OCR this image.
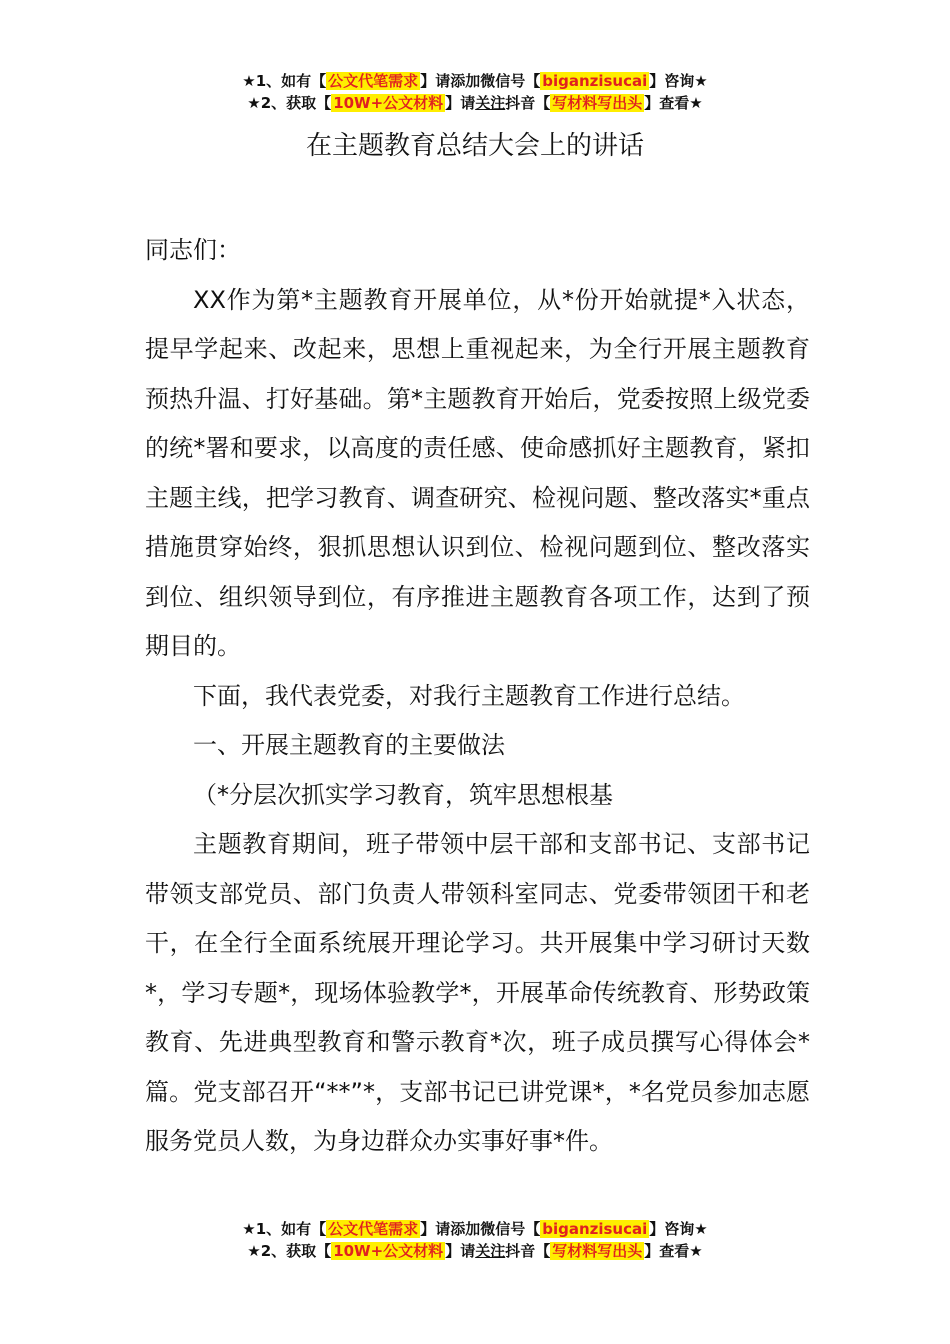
★1、如有【 公文代笔需求 】请添加微信号【 biganzisucai 】咨询★
★2、获取【 10W+公文材料 】请关注抖音【 写材料写出头 】查看★
在主题教育总结大会上的讲话

同志们：

XX作为第*主题教育开展单位，从*份开始就提*入状态，提早学起来、改起来，思想上重视起来，为全行开展主题教育预热升温、打好基础。第*主题教育开始后，党委按照上级党委的统*署和要求，以高度的责任感、使命感抓好主题教育，紧扣主题主线，把学习教育、调查研究、检视问题、整改落实*重点措施贯穿始终，狠抓思想认识到位、检视问题到位、整改落实到位、组织领导到位，有序推进主题教育各项工作，达到了预期目的。

下面，我代表党委，对我行主题教育工作进行总结。

一、开展主题教育的主要做法

（*分层次抓实学习教育，筑牢思想根基

主题教育期间，班子带领中层干部和支部书记、支部书记带领支部党员、部门负责人带领科室同志、党委带领团干和老干，在全行全面系统展开理论学习。共开展集中学习研讨天数*，学习专题*，现场体验教学*，开展革命传统教育、形势政策教育、先进典型教育和警示教育*次，班子成员撰写心得体会*篇。党支部召开“**”*，支部书记已讲党课*，*名党员参加志愿服务党员人数，为身边群众办实事好事*件。

★1、如有【 公文代笔需求 】请添加微信号【 biganzisucai 】咨询★
★2、获取【 10W+公文材料 】请关注抖音【 写材料写出头 】查看★
